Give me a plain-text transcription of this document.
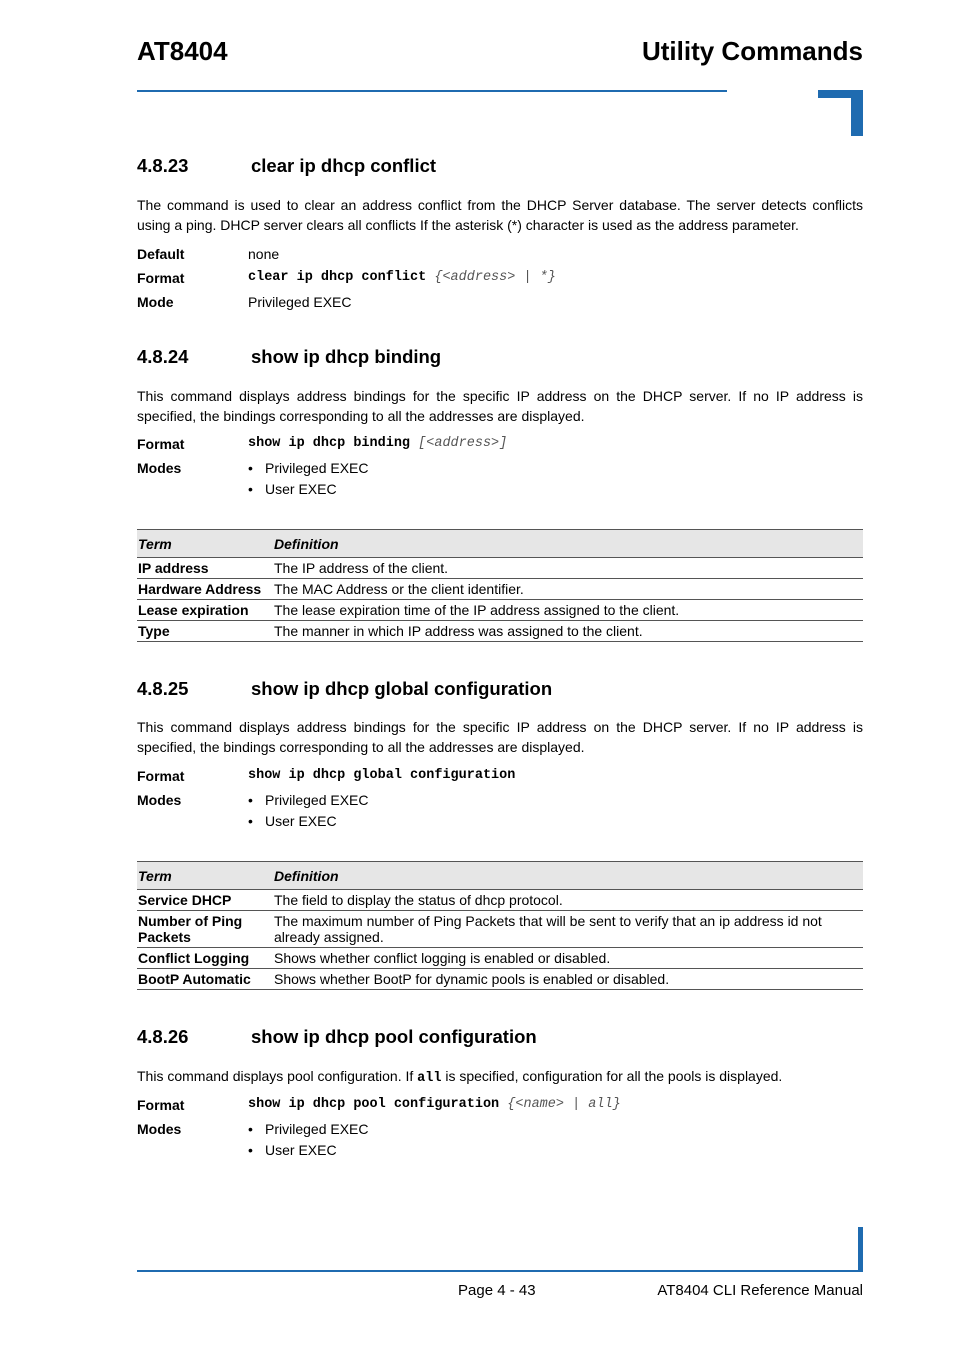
AT8404	Utility Commands
4.8.23	clear ip dhcp conflict
The command is used to clear an address conflict from the DHCP Server database. The server detects conflicts using a ping. DHCP server clears all conflicts If the asterisk (*) character is used as the address parameter.
Default	none
Format	clear ip dhcp conflict {<address> | *}
Mode	Privileged EXEC
4.8.24	show ip dhcp binding
This command displays address bindings for the specific IP address on the DHCP server. If no IP address is specified, the bindings corresponding to all the addresses are displayed.
Format	show ip dhcp binding [<address>]
Modes	• Privileged EXEC
• User EXEC
Term	Definition
IP address	The IP address of the client.
Hardware Address	The MAC Address or the client identifier.
Lease expiration	The lease expiration time of the IP address assigned to the client.
Type	The manner in which IP address was assigned to the client.
4.8.25	show ip dhcp global configuration
This command displays address bindings for the specific IP address on the DHCP server. If no IP address is specified, the bindings corresponding to all the addresses are displayed.
Format	show ip dhcp global configuration
Modes	• Privileged EXEC
• User EXEC
Term	Definition
Service DHCP	The field to display the status of dhcp protocol.
Number of Ping Packets	The maximum number of Ping Packets that will be sent to verify that an ip address id not already assigned.
Conflict Logging	Shows whether conflict logging is enabled or disabled.
BootP Automatic	Shows whether BootP for dynamic pools is enabled or disabled.
4.8.26	show ip dhcp pool configuration
This command displays pool configuration. If all is specified, configuration for all the pools is displayed.
Format	show ip dhcp pool configuration {<name> | all}
Modes	• Privileged EXEC
• User EXEC
Page 4 - 43	AT8404 CLI Reference Manual
